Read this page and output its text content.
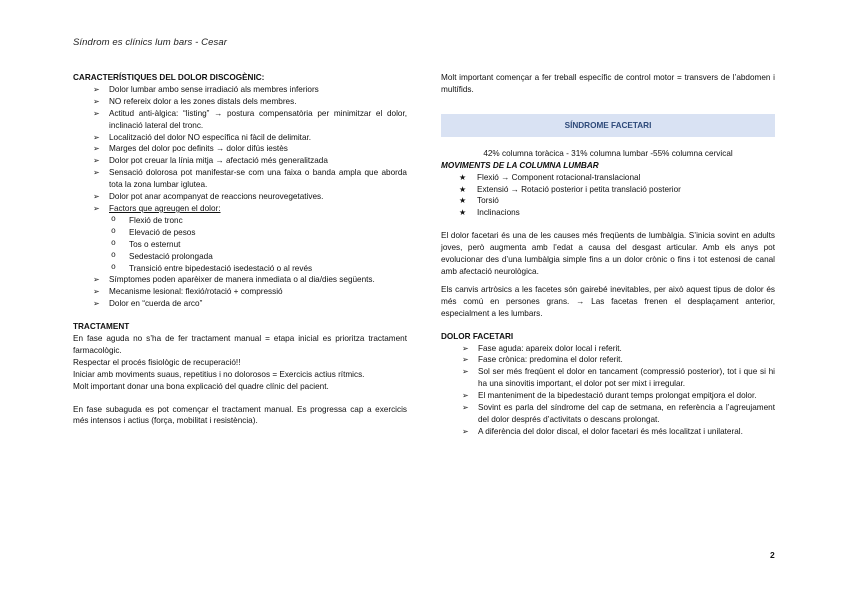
Síndrom es clínics lum bars - Cesar
CARACTERÍSTIQUES DEL DOLOR DISCOGÈNIC:
➢ Dolor lumbar ambo sense irradiació als membres inferiors
➢ NO refereix dolor a les zones distals dels membres.
➢ Actitud anti-àlgica: “listing” → postura compensatòria per minimitzar el dolor, inclinació lateral del tronc.
➢ Localització del dolor NO específica ni fàcil de delimitar.
➢ Marges del dolor poc definits → dolor difús iestès
➢ Dolor pot creuar la línia mitja → afectació més generalitzada
➢ Sensació dolorosa pot manifestar-se com una faixa o banda ampla que aborda tota la zona lumbar iglutea.
➢ Dolor pot anar acompanyat de reaccions neurovegetatives.
➢ Factors que agreugen el dolor:
o Flexió de tronc
o Elevació de pesos
o Tos o esternut
o Sedestació prolongada
o Transició entre bipedestació isedestació o al revés
➢ Símptomes poden aparèixer de manera inmediata o al dia/dies següents.
➢ Mecanisme lesional: flexió/rotació + compressió
➢ Dolor en “cuerda de arco”
TRACTAMENT
En fase aguda no s’ha de fer tractament manual = etapa inicial es prioritza tractament farmacològic.
Respectar el procés fisiològic de recuperació!!
Iniciar amb moviments suaus, repetitius i no dolorosos = Exercicis actius rítmics.
Molt important donar una bona explicació del quadre clínic del pacient.
En fase subaguda es pot començar el tractament manual. Es progressa cap a exercicis més intensos i actius (força, mobilitat i resistència).
Molt important començar a fer treball específic de control motor = transvers de l’abdomen i multífids.
SÍNDROME FACETARI
42% columna toràcica - 31% columna lumbar -55% columna cervical
MOVIMENTS DE LA COLUMNA LUMBAR
★ Flexió → Component rotacional-translacional
★ Extensió → Rotació posterior i petita translació posterior
★ Torsió
★ Inclinacions
El dolor facetari és una de les causes més freqüents de lumbàlgia. S’inicia sovint en adults joves, però augmenta amb l’edat a causa del desgast articular. Amb els anys pot evolucionar des d’una lumbàlgia simple fins a un dolor crònic o fins i tot estenosi de canal amb afectació neurològica.
Els canvis artròsics a les facetes són gairebé inevitables, per això aquest tipus de dolor és més comú en persones grans. → Las facetas frenen el desplaçament anterior, especialment a les lumbars.
DOLOR FACETARI
➢ Fase aguda: apareix dolor local i referit.
➢ Fase crònica: predomina el dolor referit.
➢ Sol ser més freqüent el dolor en tancament (compressió posterior), tot i que si hi ha una sinovitis important, el dolor pot ser mixt i irregular.
➢ El manteniment de la bipedestació durant temps prolongat empitjora el dolor.
➢ Sovint es parla del síndrome del cap de setmana, en referència a l’agreujament del dolor després d’activitats o descans prolongat.
➢ A diferència del dolor discal, el dolor facetari és més localitzat i unilateral.
2
